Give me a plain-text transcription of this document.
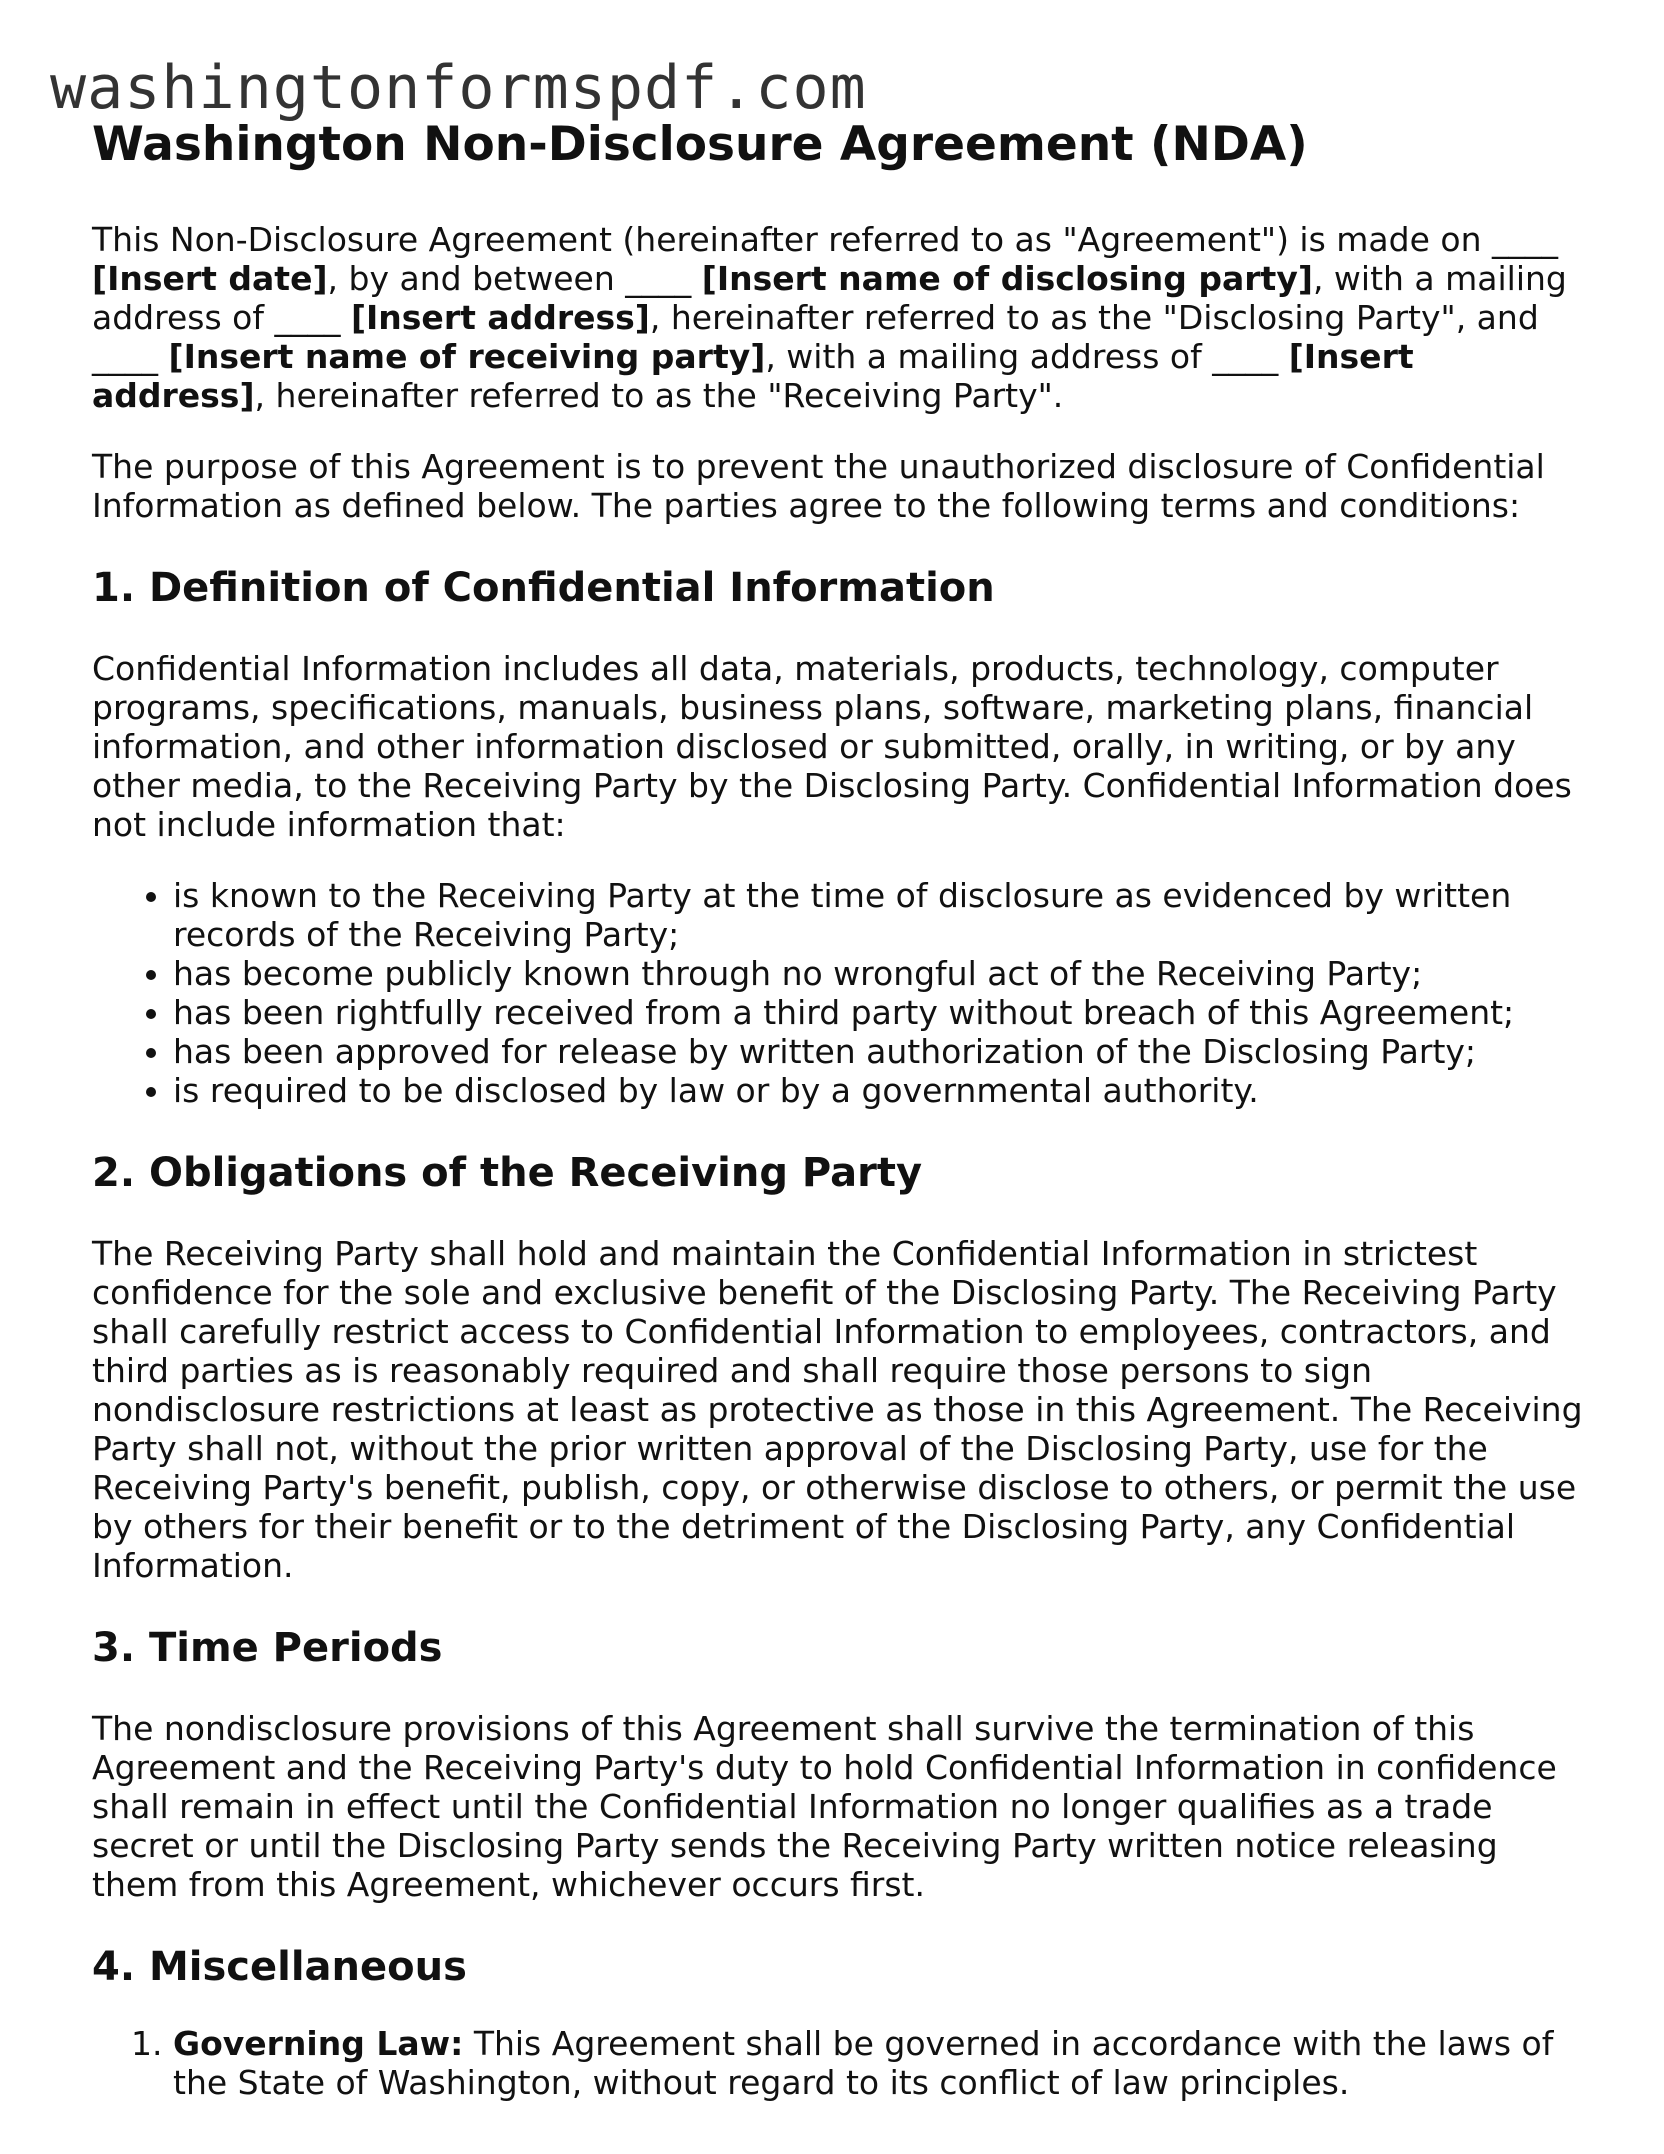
washingtonformspdf.com
Washington Non-Disclosure Agreement (NDA)

This Non-Disclosure Agreement (hereinafter referred to as "Agreement") is made on ____ [Insert date], by and between ____ [Insert name of disclosing party], with a mailing address of ____ [Insert address], hereinafter referred to as the "Disclosing Party", and ____ [Insert name of receiving party], with a mailing address of ____ [Insert address], hereinafter referred to as the "Receiving Party".

The purpose of this Agreement is to prevent the unauthorized disclosure of Confidential Information as defined below. The parties agree to the following terms and conditions:

1. Definition of Confidential Information

Confidential Information includes all data, materials, products, technology, computer programs, specifications, manuals, business plans, software, marketing plans, financial information, and other information disclosed or submitted, orally, in writing, or by any other media, to the Receiving Party by the Disclosing Party. Confidential Information does not include information that:

• is known to the Receiving Party at the time of disclosure as evidenced by written records of the Receiving Party;
• has become publicly known through no wrongful act of the Receiving Party;
• has been rightfully received from a third party without breach of this Agreement;
• has been approved for release by written authorization of the Disclosing Party;
• is required to be disclosed by law or by a governmental authority.
2. Obligations of the Receiving Party

The Receiving Party shall hold and maintain the Confidential Information in strictest confidence for the sole and exclusive benefit of the Disclosing Party. The Receiving Party shall carefully restrict access to Confidential Information to employees, contractors, and third parties as is reasonably required and shall require those persons to sign nondisclosure restrictions at least as protective as those in this Agreement. The Receiving Party shall not, without the prior written approval of the Disclosing Party, use for the Receiving Party's benefit, publish, copy, or otherwise disclose to others, or permit the use by others for their benefit or to the detriment of the Disclosing Party, any Confidential Information.

3. Time Periods

The nondisclosure provisions of this Agreement shall survive the termination of this Agreement and the Receiving Party's duty to hold Confidential Information in confidence shall remain in effect until the Confidential Information no longer qualifies as a trade secret or until the Disclosing Party sends the Receiving Party written notice releasing them from this Agreement, whichever occurs first.

4. Miscellaneous
1. Governing Law: This Agreement shall be governed in accordance with the laws of the State of Washington, without regard to its conflict of law principles.
